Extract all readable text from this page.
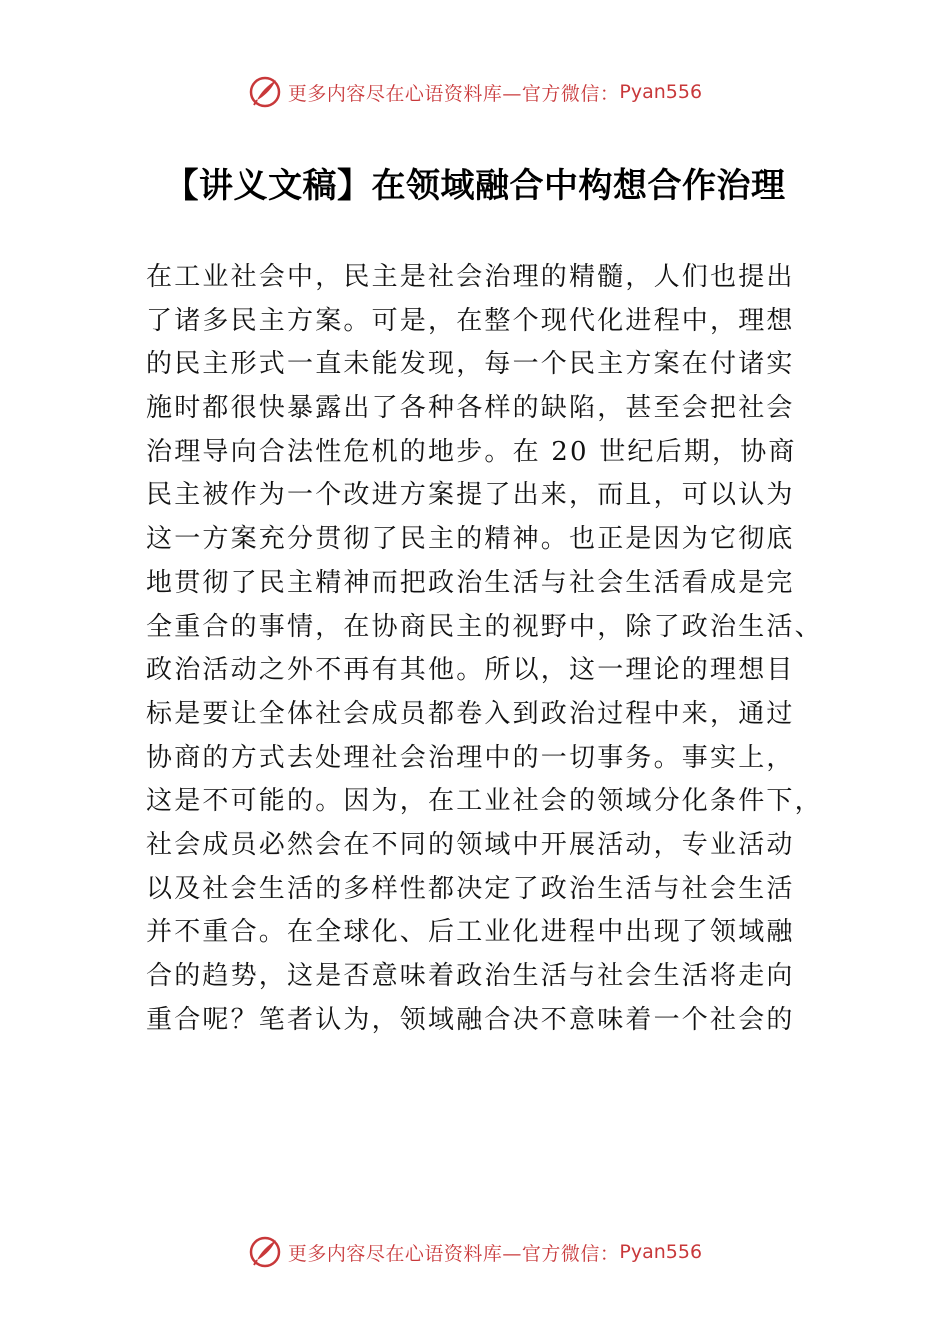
更多内容尽在心语资料库—官方微信： Pyan556
【讲义文稿】在领域融合中构想合作治理
在工业社会中，民主是社会治理的精髓，人们也提出
了诸多民主方案。可是，在整个现代化进程中，理想
的民主形式一直未能发现，每一个民主方案在付诸实
施时都很快暴露出了各种各样的缺陷，甚至会把社会
治理导向合法性危机的地步。在 20 世纪后期，协商
民主被作为一个改进方案提了出来，而且，可以认为
这一方案充分贯彻了民主的精神。也正是因为它彻底
地贯彻了民主精神而把政治生活与社会生活看成是完
全重合的事情，在协商民主的视野中，除了政治生活、
政治活动之外不再有其他。所以，这一理论的理想目
标是要让全体社会成员都卷入到政治过程中来，通过
协商的方式去处理社会治理中的一切事务。事实上，
这是不可能的。因为，在工业社会的领域分化条件下，
社会成员必然会在不同的领域中开展活动，专业活动
以及社会生活的多样性都决定了政治生活与社会生活
并不重合。在全球化、后工业化进程中出现了领域融
合的趋势，这是否意味着政治生活与社会生活将走向
重合呢？笔者认为，领域融合决不意味着一个社会的
更多内容尽在心语资料库—官方微信： Pyan556
